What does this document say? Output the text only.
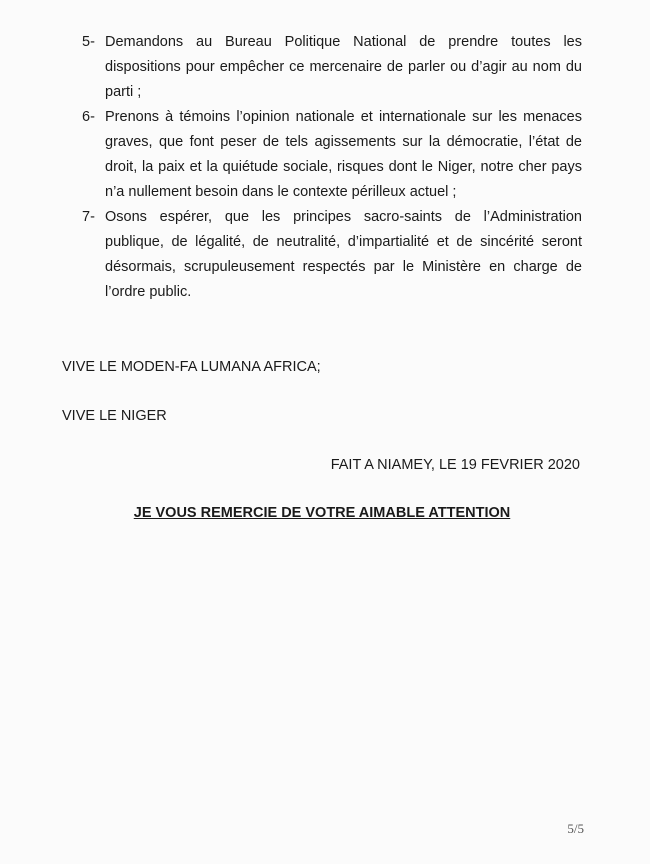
5- Demandons au Bureau Politique National de prendre toutes les dispositions pour empêcher ce mercenaire de parler ou d’agir au nom du parti ;
6- Prenons à témoins l’opinion nationale et internationale sur les menaces graves, que font peser de tels agissements sur la démocratie, l’état de droit, la paix et la quiétude sociale, risques dont le Niger, notre cher pays n’a nullement besoin dans le contexte périlleux actuel ;
7- Osons espérer, que les principes sacro-saints de l’Administration publique, de légalité, de neutralité, d’impartialité et de sincérité seront désormais, scrupuleusement respectés par le Ministère en charge de l’ordre public.
VIVE LE MODEN-FA LUMANA AFRICA;
VIVE LE NIGER
FAIT A NIAMEY, LE 19 FEVRIER 2020
JE VOUS REMERCIE DE VOTRE AIMABLE ATTENTION
5/5
